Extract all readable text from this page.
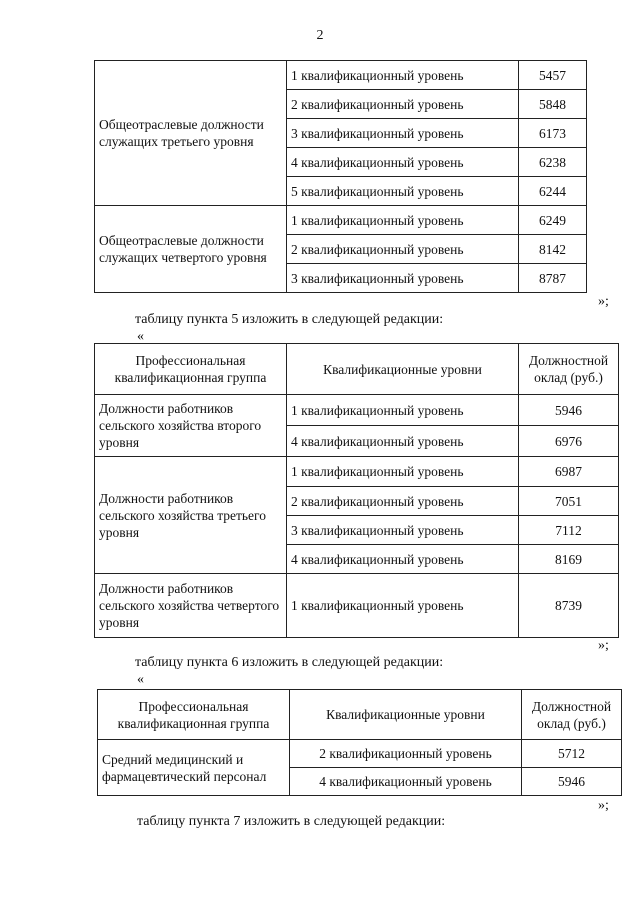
2
Общеотраслевые должности служащих третьего уровня	1 квалификационный уровень	5457
	2 квалификационный уровень	5848
	3 квалификационный уровень	6173
	4 квалификационный уровень	6238
	5 квалификационный уровень	6244
Общеотраслевые должности служащих четвертого уровня	1 квалификационный уровень	6249
	2 квалификационный уровень	8142
	3 квалификационный уровень	8787
»;
таблицу пункта 5 изложить в следующей редакции:
«
Профессиональная квалификационная группа	Квалификационные уровни	Должностной оклад (руб.)
Должности работников сельского хозяйства второго уровня	1 квалификационный уровень	5946
	4 квалификационный уровень	6976
Должности работников сельского хозяйства третьего уровня	1 квалификационный уровень	6987
	2 квалификационный уровень	7051
	3 квалификационный уровень	7112
	4 квалификационный уровень	8169
Должности работников сельского хозяйства четвертого уровня	1 квалификационный уровень	8739
»;
таблицу пункта 6 изложить в следующей редакции:
«
Профессиональная квалификационная группа	Квалификационные уровни	Должностной оклад (руб.)
Средний медицинский и фармацевтический персонал	2 квалификационный уровень	5712
	4 квалификационный уровень	5946
»;
таблицу пункта 7 изложить в следующей редакции:
